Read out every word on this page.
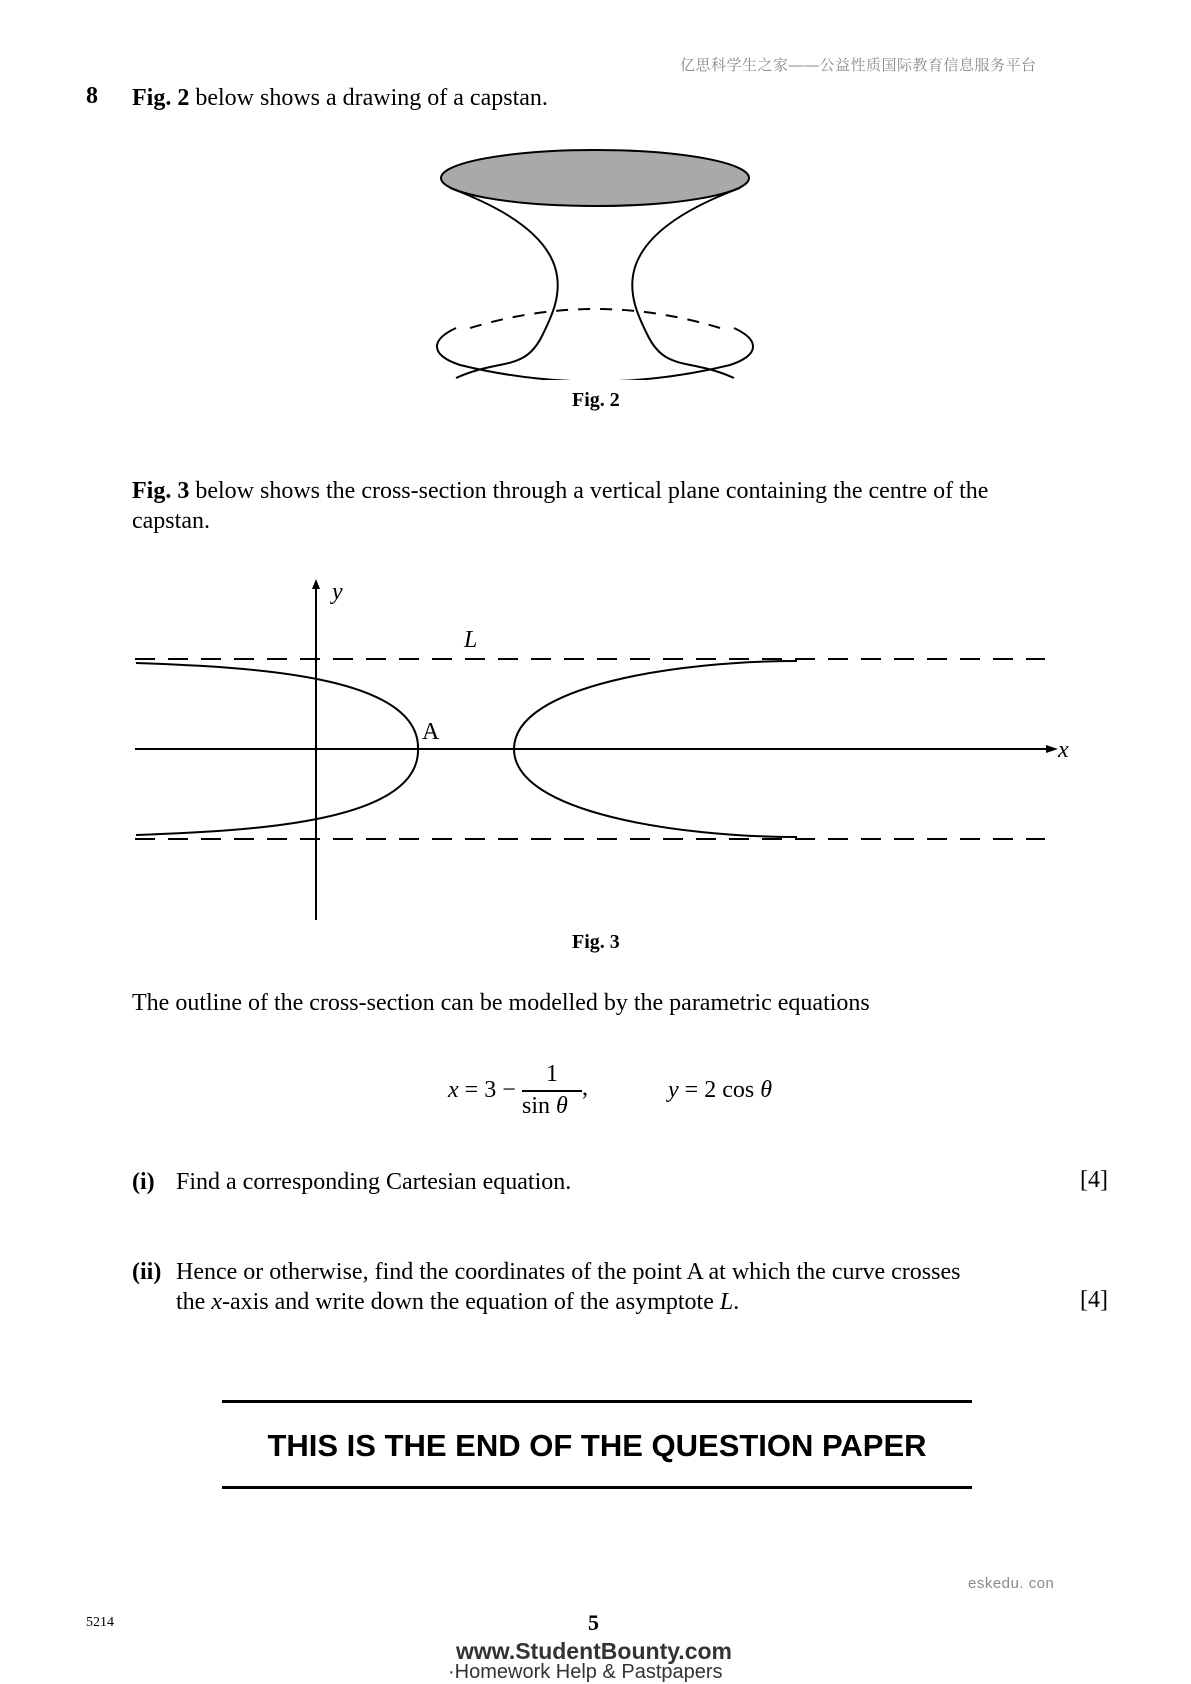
亿思科学生之家——公益性质国际教育信息服务平台
8 Fig. 2 below shows a drawing of a capstan.
Fig. 2
Fig. 3 below shows the cross-section through a vertical plane containing the centre of the
capstan.
y
x
L
A
Fig. 3
The outline of the cross-section can be modelled by the parametric equations
x = 3 −
1
sin θ
,	y = 2 cos θ
(i) Find a corresponding Cartesian equation.	[4]
(ii) Hence or otherwise, find the coordinates of the point A at which the curve crosses
the x-axis and write down the equation of the asymptote L.	[4]
THIS IS THE END OF THE QUESTION PAPER
eskedu. con
5214	5
www.StudentBounty.com
·Homework Help & Pastpapers
